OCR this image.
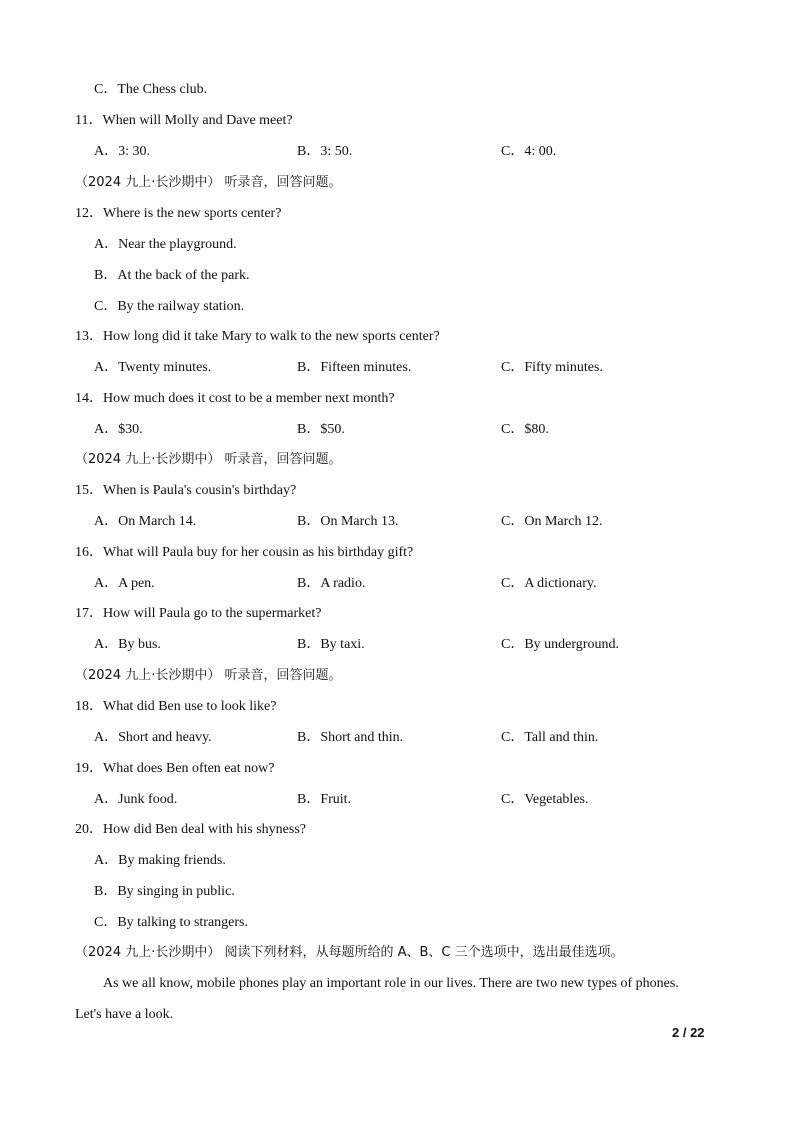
C．The Chess club.
11．When will Molly and Dave meet?
A．3: 30.	B．3: 50.	C．4: 00.
（2024 九上·长沙期中） 听录音，回答问题。
12．Where is the new sports center?
A．Near the playground.
B．At the back of the park.
C．By the railway station.
13．How long did it take Mary to walk to the new sports center?
A．Twenty minutes.	B．Fifteen minutes.	C．Fifty minutes.
14．How much does it cost to be a member next month?
A．$30.	B．$50.	C．$80.
（2024 九上·长沙期中） 听录音，回答问题。
15．When is Paula's cousin's birthday?
A．On March 14.	B．On March 13.	C．On March 12.
16．What will Paula buy for her cousin as his birthday gift?
A．A pen.	B．A radio.	C．A dictionary.
17．How will Paula go to the supermarket?
A．By bus.	B．By taxi.	C．By underground.
（2024 九上·长沙期中） 听录音，回答问题。
18．What did Ben use to look like?
A．Short and heavy.	B．Short and thin.	C．Tall and thin.
19．What does Ben often eat now?
A．Junk food.	B．Fruit.	C．Vegetables.
20．How did Ben deal with his shyness?
A．By making friends.
B．By singing in public.
C．By talking to strangers.
（2024 九上·长沙期中） 阅读下列材料，从每题所给的 A、B、C 三个选项中，选出最佳选项。
As we all know, mobile phones play an important role in our lives. There are two new types of phones.
Let's have a look.
2 / 22
